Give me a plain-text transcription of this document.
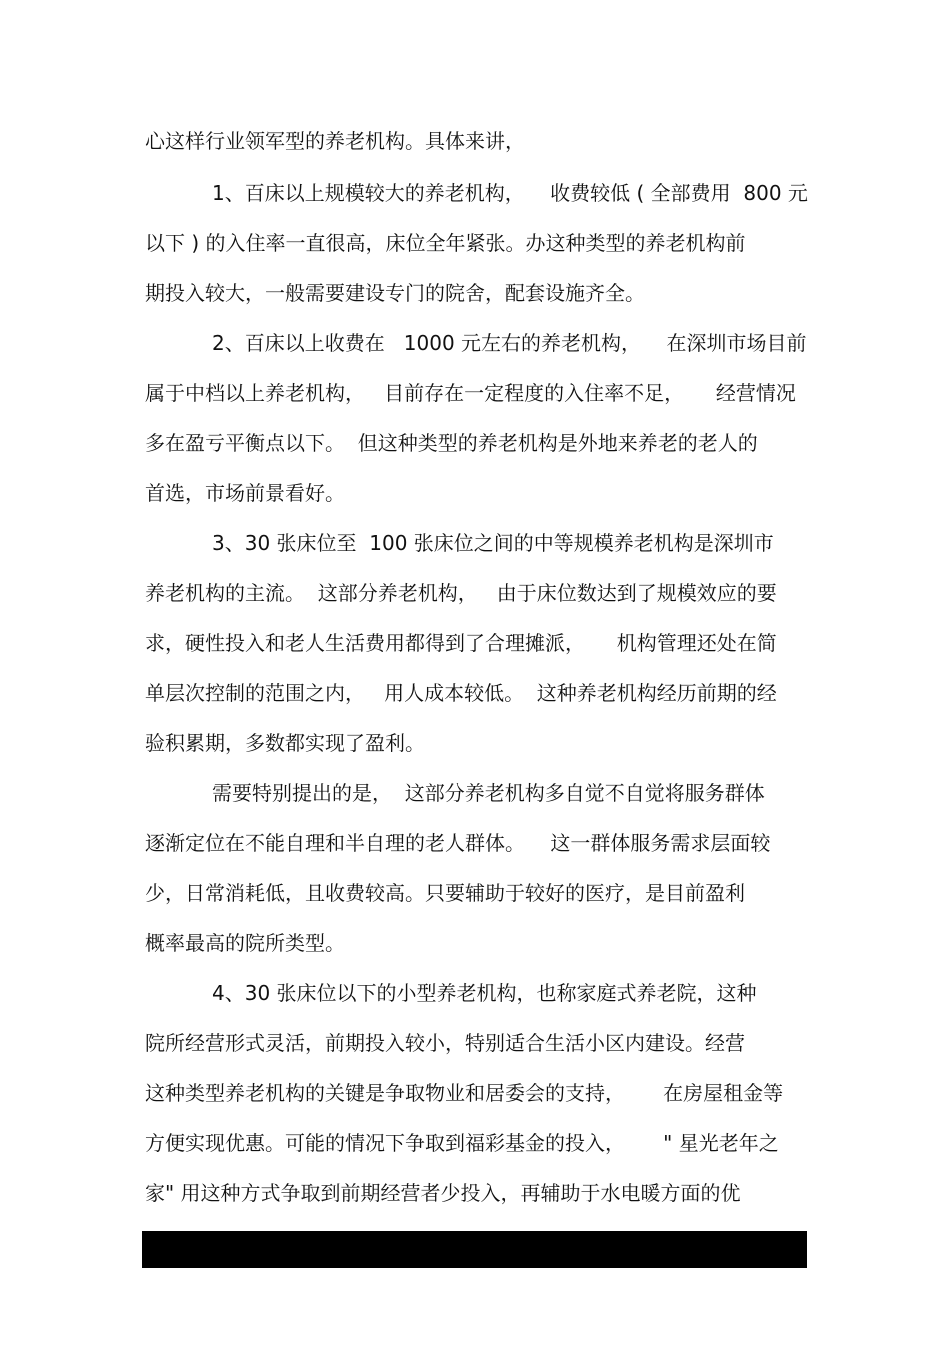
心这样行业领军型的养老机构。具体来讲，
1、百床以上规模较大的养老机构，    收费较低 ( 全部费用  800 元
以下 ) 的入住率一直很高，床位全年紧张。办这种类型的养老机构前
期投入较大，一般需要建设专门的院舍，配套设施齐全。
2、百床以上收费在   1000 元左右的养老机构，    在深圳市场目前
属于中档以上养老机构，   目前存在一定程度的入住率不足，     经营情况
多在盈亏平衡点以下。  但这种类型的养老机构是外地来养老的老人的
首选，市场前景看好。
3、30 张床位至  100 张床位之间的中等规模养老机构是深圳市
养老机构的主流。  这部分养老机构，   由于床位数达到了规模效应的要
求，硬性投入和老人生活费用都得到了合理摊派，     机构管理还处在简
单层次控制的范围之内，   用人成本较低。  这种养老机构经历前期的经
验积累期，多数都实现了盈利。
需要特别提出的是，  这部分养老机构多自觉不自觉将服务群体
逐渐定位在不能自理和半自理的老人群体。    这一群体服务需求层面较
少，日常消耗低，且收费较高。只要辅助于较好的医疗，是目前盈利
概率最高的院所类型。
4、30 张床位以下的小型养老机构，也称家庭式养老院，这种
院所经营形式灵活，前期投入较小，特别适合生活小区内建设。经营
这种类型养老机构的关键是争取物业和居委会的支持，      在房屋租金等
方便实现优惠。可能的情况下争取到福彩基金的投入，      " 星光老年之
家" 用这种方式争取到前期经营者少投入，再辅助于水电暖方面的优
